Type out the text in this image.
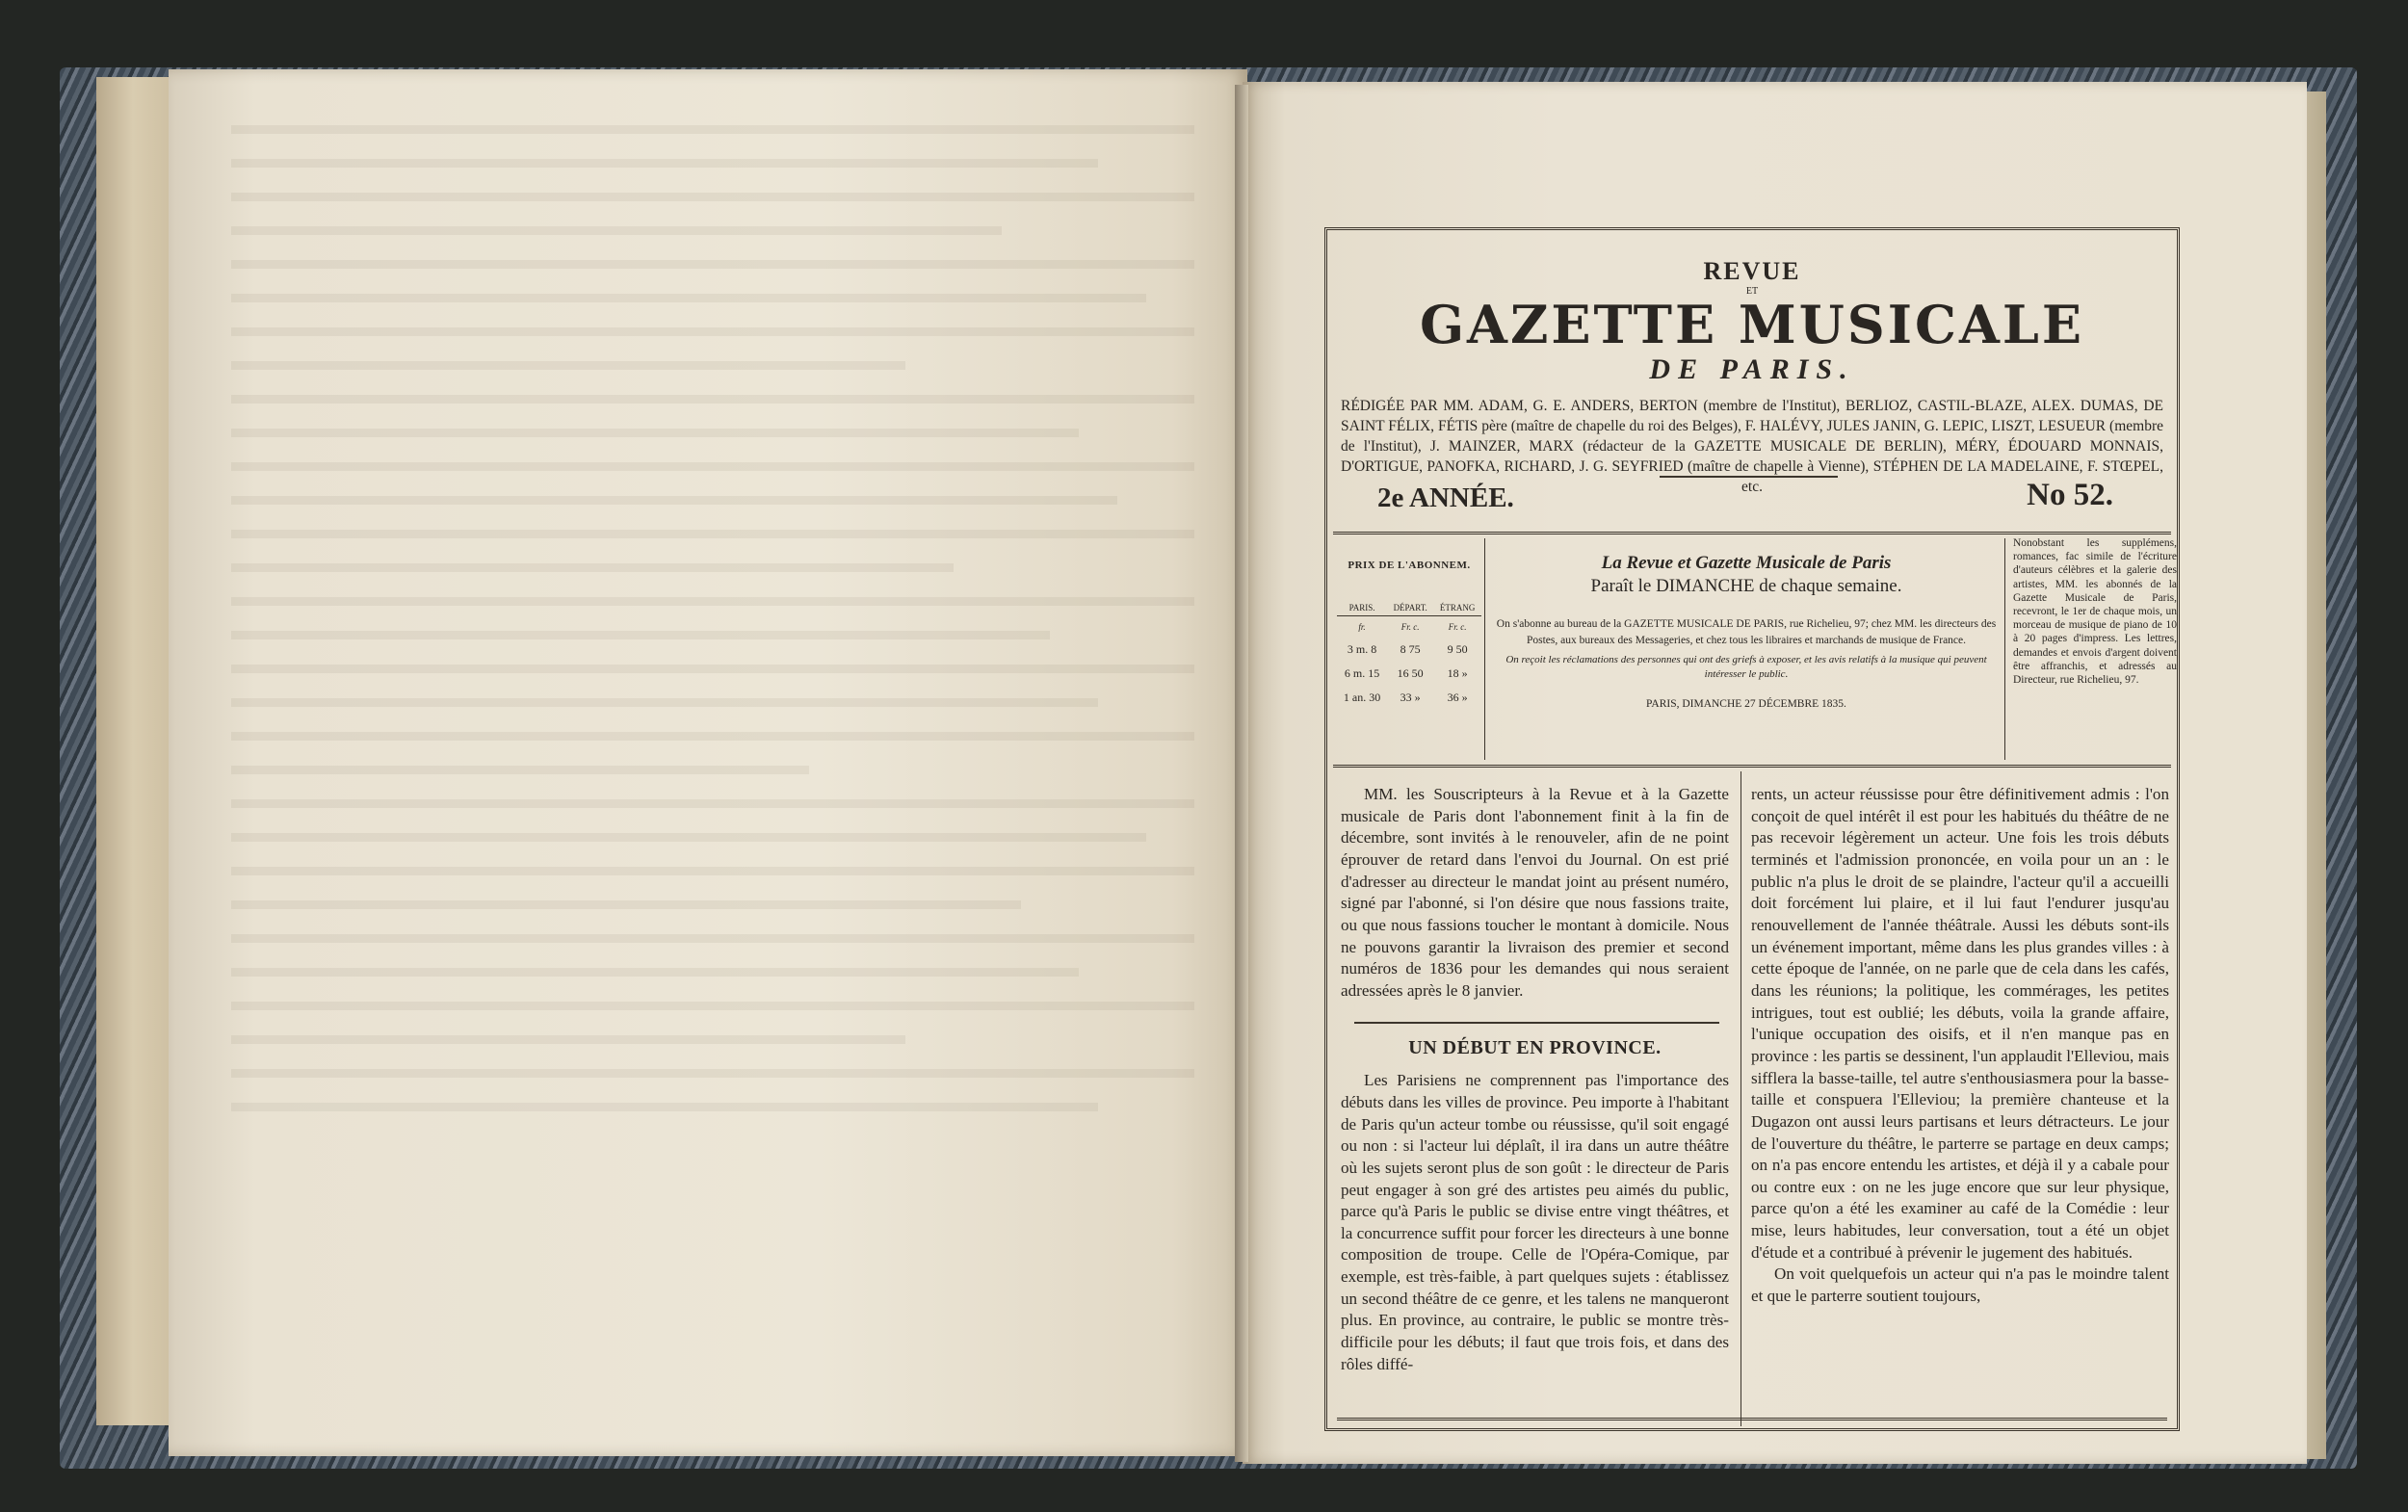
REVUE
ET
GAZETTE MUSICALE
DE PARIS.
RÉDIGÉE PAR MM. ADAM, G. E. ANDERS, BERTON (membre de l'Institut), BERLIOZ, CASTIL-BLAZE, ALEX. DUMAS, DE SAINT FÉLIX, FÉTIS père (maître de chapelle du roi des Belges), F. HALÉVY, JULES JANIN, G. LEPIC, LISZT, LESUEUR (membre de l'Institut), J. MAINZER, MARX (rédacteur de la GAZETTE MUSICALE DE BERLIN), MÉRY, ÉDOUARD MONNAIS, D'ORTIGUE, PANOFKA, RICHARD, J. G. SEYFRIED (maître de chapelle à Vienne), STÉPHEN DE LA MADELAINE, F. STŒPEL, etc.
2e ANNÉE.	No 52.
PRIX DE L'ABONNEM.
PARIS.	DÉPART.	ÉTRANG
fr.	Fr. c.	Fr. c.
3 m. 8	8 75	9 50
6 m. 15	16 50	18 »
1 an. 30	33 »	36 »
La Revue et Gazette Musicale de Paris
Paraît le DIMANCHE de chaque semaine.
On s'abonne au bureau de la GAZETTE MUSICALE DE PARIS, rue Richelieu, 97; chez MM. les directeurs des Postes, aux bureaux des Messageries, et chez tous les libraires et marchands de musique de France.
On reçoit les réclamations des personnes qui ont des griefs à exposer, et les avis relatifs à la musique qui peuvent intéresser le public.
PARIS, DIMANCHE 27 DÉCEMBRE 1835.
Nonobstant les supplémens, romances, fac simile de l'écriture d'auteurs célèbres et la galerie des artistes, MM. les abonnés de la Gazette Musicale de Paris, recevront, le 1er de chaque mois, un morceau de musique de piano de 10 à 20 pages d'impress. Les lettres, demandes et envois d'argent doivent être affranchis, et adressés au Directeur, rue Richelieu, 97.

MM. les Souscripteurs à la Revue et à la Gazette musicale de Paris dont l'abonnement finit à la fin de décembre, sont invités à le renouveler, afin de ne point éprouver de retard dans l'envoi du Journal. On est prié d'adresser au directeur le mandat joint au présent numéro, signé par l'abonné, si l'on désire que nous fassions traite, ou que nous fassions toucher le montant à domicile. Nous ne pouvons garantir la livraison des premier et second numéros de 1836 pour les demandes qui nous seraient adressées après le 8 janvier.

UN DÉBUT EN PROVINCE.

Les Parisiens ne comprennent pas l'importance des débuts dans les villes de province. Peu importe à l'habitant de Paris qu'un acteur tombe ou réussisse, qu'il soit engagé ou non : si l'acteur lui déplaît, il ira dans un autre théâtre où les sujets seront plus de son goût : le directeur de Paris peut engager à son gré des artistes peu aimés du public, parce qu'à Paris le public se divise entre vingt théâtres, et la concurrence suffit pour forcer les directeurs à une bonne composition de troupe. Celle de l'Opéra-Comique, par exemple, est très-faible, à part quelques sujets : établissez un second théâtre de ce genre, et les talens ne manqueront plus. En province, au contraire, le public se montre très-difficile pour les débuts; il faut que trois fois, et dans des rôles diffé-

rents, un acteur réussisse pour être définitivement admis : l'on conçoit de quel intérêt il est pour les habitués du théâtre de ne pas recevoir légèrement un acteur. Une fois les trois débuts terminés et l'admission prononcée, en voila pour un an : le public n'a plus le droit de se plaindre, l'acteur qu'il a accueilli doit forcément lui plaire, et il lui faut l'endurer jusqu'au renouvellement de l'année théâtrale. Aussi les débuts sont-ils un événement important, même dans les plus grandes villes : à cette époque de l'année, on ne parle que de cela dans les cafés, dans les réunions; la politique, les commérages, les petites intrigues, tout est oublié; les débuts, voila la grande affaire, l'unique occupation des oisifs, et il n'en manque pas en province : les partis se dessinent, l'un applaudit l'Elleviou, mais sifflera la basse-taille, tel autre s'enthousiasmera pour la basse-taille et conspuera l'Elleviou; la première chanteuse et la Dugazon ont aussi leurs partisans et leurs détracteurs. Le jour de l'ouverture du théâtre, le parterre se partage en deux camps; on n'a pas encore entendu les artistes, et déjà il y a cabale pour ou contre eux : on ne les juge encore que sur leur physique, parce qu'on a été les examiner au café de la Comédie : leur mise, leurs habitudes, leur conversation, tout a été un objet d'étude et a contribué à prévenir le jugement des habitués.

On voit quelquefois un acteur qui n'a pas le moindre talent et que le parterre soutient toujours,
